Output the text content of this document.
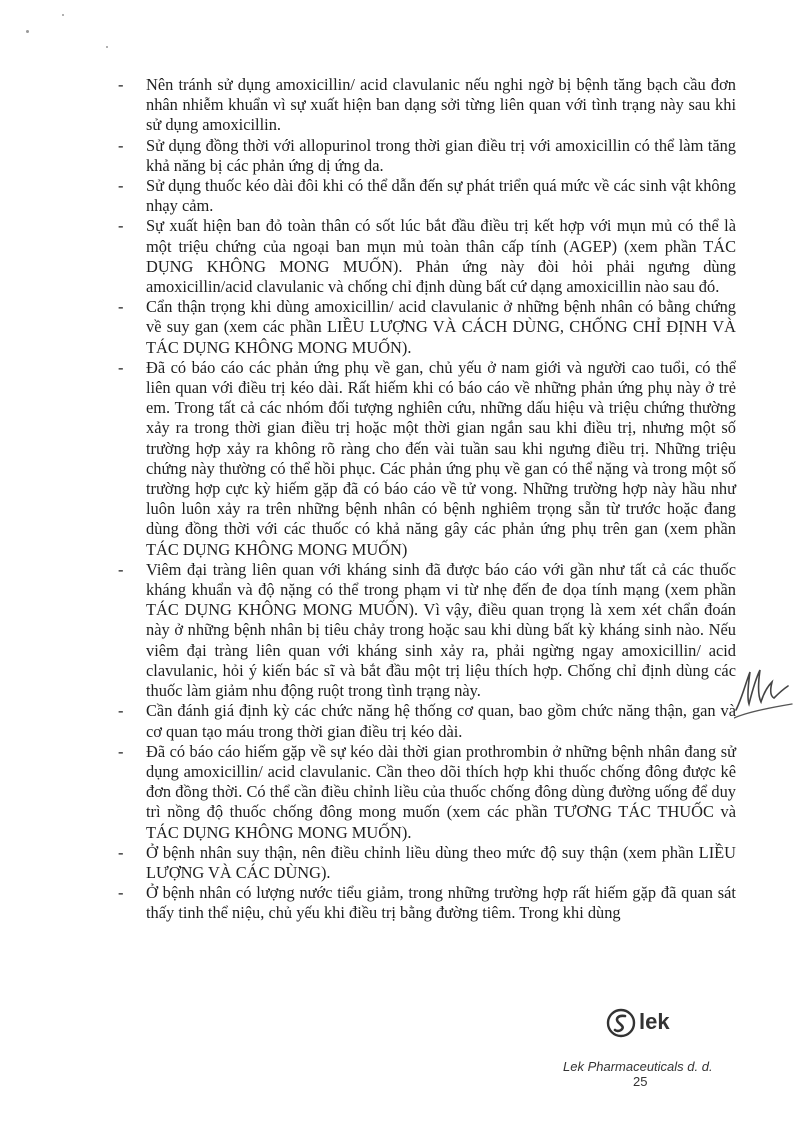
-	Nên tránh sử dụng amoxicillin/ acid clavulanic nếu nghi ngờ bị bệnh tăng bạch cầu đơn nhân nhiễm khuẩn vì sự xuất hiện ban dạng sởi từng liên quan với tình trạng này sau khi sử dụng amoxicillin.
-	Sử dụng đồng thời với allopurinol trong thời gian điều trị với amoxicillin có thể làm tăng khả năng bị các phản ứng dị ứng da.
-	Sử dụng thuốc kéo dài đôi khi có thể dẫn đến sự phát triển quá mức về các sinh vật không nhạy cảm.
-	Sự xuất hiện ban đỏ toàn thân có sốt lúc bắt đầu điều trị kết hợp với mụn mủ có thể là một triệu chứng của ngoại ban mụn mủ toàn thân cấp tính (AGEP) (xem phần TÁC DỤNG KHÔNG MONG MUỐN). Phản ứng này đòi hỏi phải ngưng dùng amoxicillin/acid clavulanic và chống chỉ định dùng bất cứ dạng amoxicillin nào sau đó.
-	Cẩn thận trọng khi dùng amoxicillin/ acid clavulanic ở những bệnh nhân có bằng chứng về suy gan (xem các phần LIỀU LƯỢNG VÀ CÁCH DÙNG, CHỐNG CHỈ ĐỊNH VÀ TÁC DỤNG KHÔNG MONG MUỐN).
-	Đã có báo cáo các phản ứng phụ về gan, chủ yếu ở nam giới và người cao tuổi, có thể liên quan với điều trị kéo dài. Rất hiếm khi có báo cáo về những phản ứng phụ này ở trẻ em. Trong tất cả các nhóm đối tượng nghiên cứu, những dấu hiệu và triệu chứng thường xảy ra trong thời gian điều trị hoặc một thời gian ngắn sau khi điều trị, nhưng một số trường hợp xảy ra không rõ ràng cho đến vài tuần sau khi ngưng điều trị. Những triệu chứng này thường có thể hồi phục. Các phản ứng phụ về gan có thể nặng và trong một số trường hợp cực kỳ hiếm gặp đã có báo cáo về tử vong. Những trường hợp này hầu như luôn luôn xảy ra trên những bệnh nhân có bệnh nghiêm trọng sẵn từ trước hoặc đang dùng đồng thời với các thuốc có khả năng gây các phản ứng phụ trên gan (xem phần TÁC DỤNG KHÔNG MONG MUỐN)
-	Viêm đại tràng liên quan với kháng sinh đã được báo cáo với gần như tất cả các thuốc kháng khuẩn và độ nặng có thể trong phạm vi từ nhẹ đến đe dọa tính mạng (xem phần TÁC DỤNG KHÔNG MONG MUỐN). Vì vậy, điều quan trọng là xem xét chẩn đoán này ở những bệnh nhân bị tiêu chảy trong hoặc sau khi dùng bất kỳ kháng sinh nào. Nếu viêm đại tràng liên quan với kháng sinh xảy ra, phải ngừng ngay amoxicillin/ acid clavulanic, hỏi ý kiến bác sĩ và bắt đầu một trị liệu thích hợp. Chống chỉ định dùng các thuốc làm giảm nhu động ruột trong tình trạng này.
-	Cần đánh giá định kỳ các chức năng hệ thống cơ quan, bao gồm chức năng thận, gan và cơ quan tạo máu trong thời gian điều trị kéo dài.
-	Đã có báo cáo hiếm gặp về sự kéo dài thời gian prothrombin ở những bệnh nhân đang sử dụng amoxicillin/ acid clavulanic. Cần theo dõi thích hợp khi thuốc chống đông được kê đơn đồng thời. Có thể cần điều chỉnh liều của thuốc chống đông dùng đường uống để duy trì nồng độ thuốc chống đông mong muốn (xem các phần TƯƠNG TÁC THUỐC và TÁC DỤNG KHÔNG MONG MUỐN).
-	Ở bệnh nhân suy thận, nên điều chỉnh liều dùng theo mức độ suy thận (xem phần LIỀU LƯỢNG VÀ CÁC DÙNG).
-	Ở bệnh nhân có lượng nước tiểu giảm, trong những trường hợp rất hiếm gặp đã quan sát thấy tinh thể niệu, chủ yếu khi điều trị bằng đường tiêm. Trong khi dùng
lek
Lek Pharmaceuticals d. d.
25
